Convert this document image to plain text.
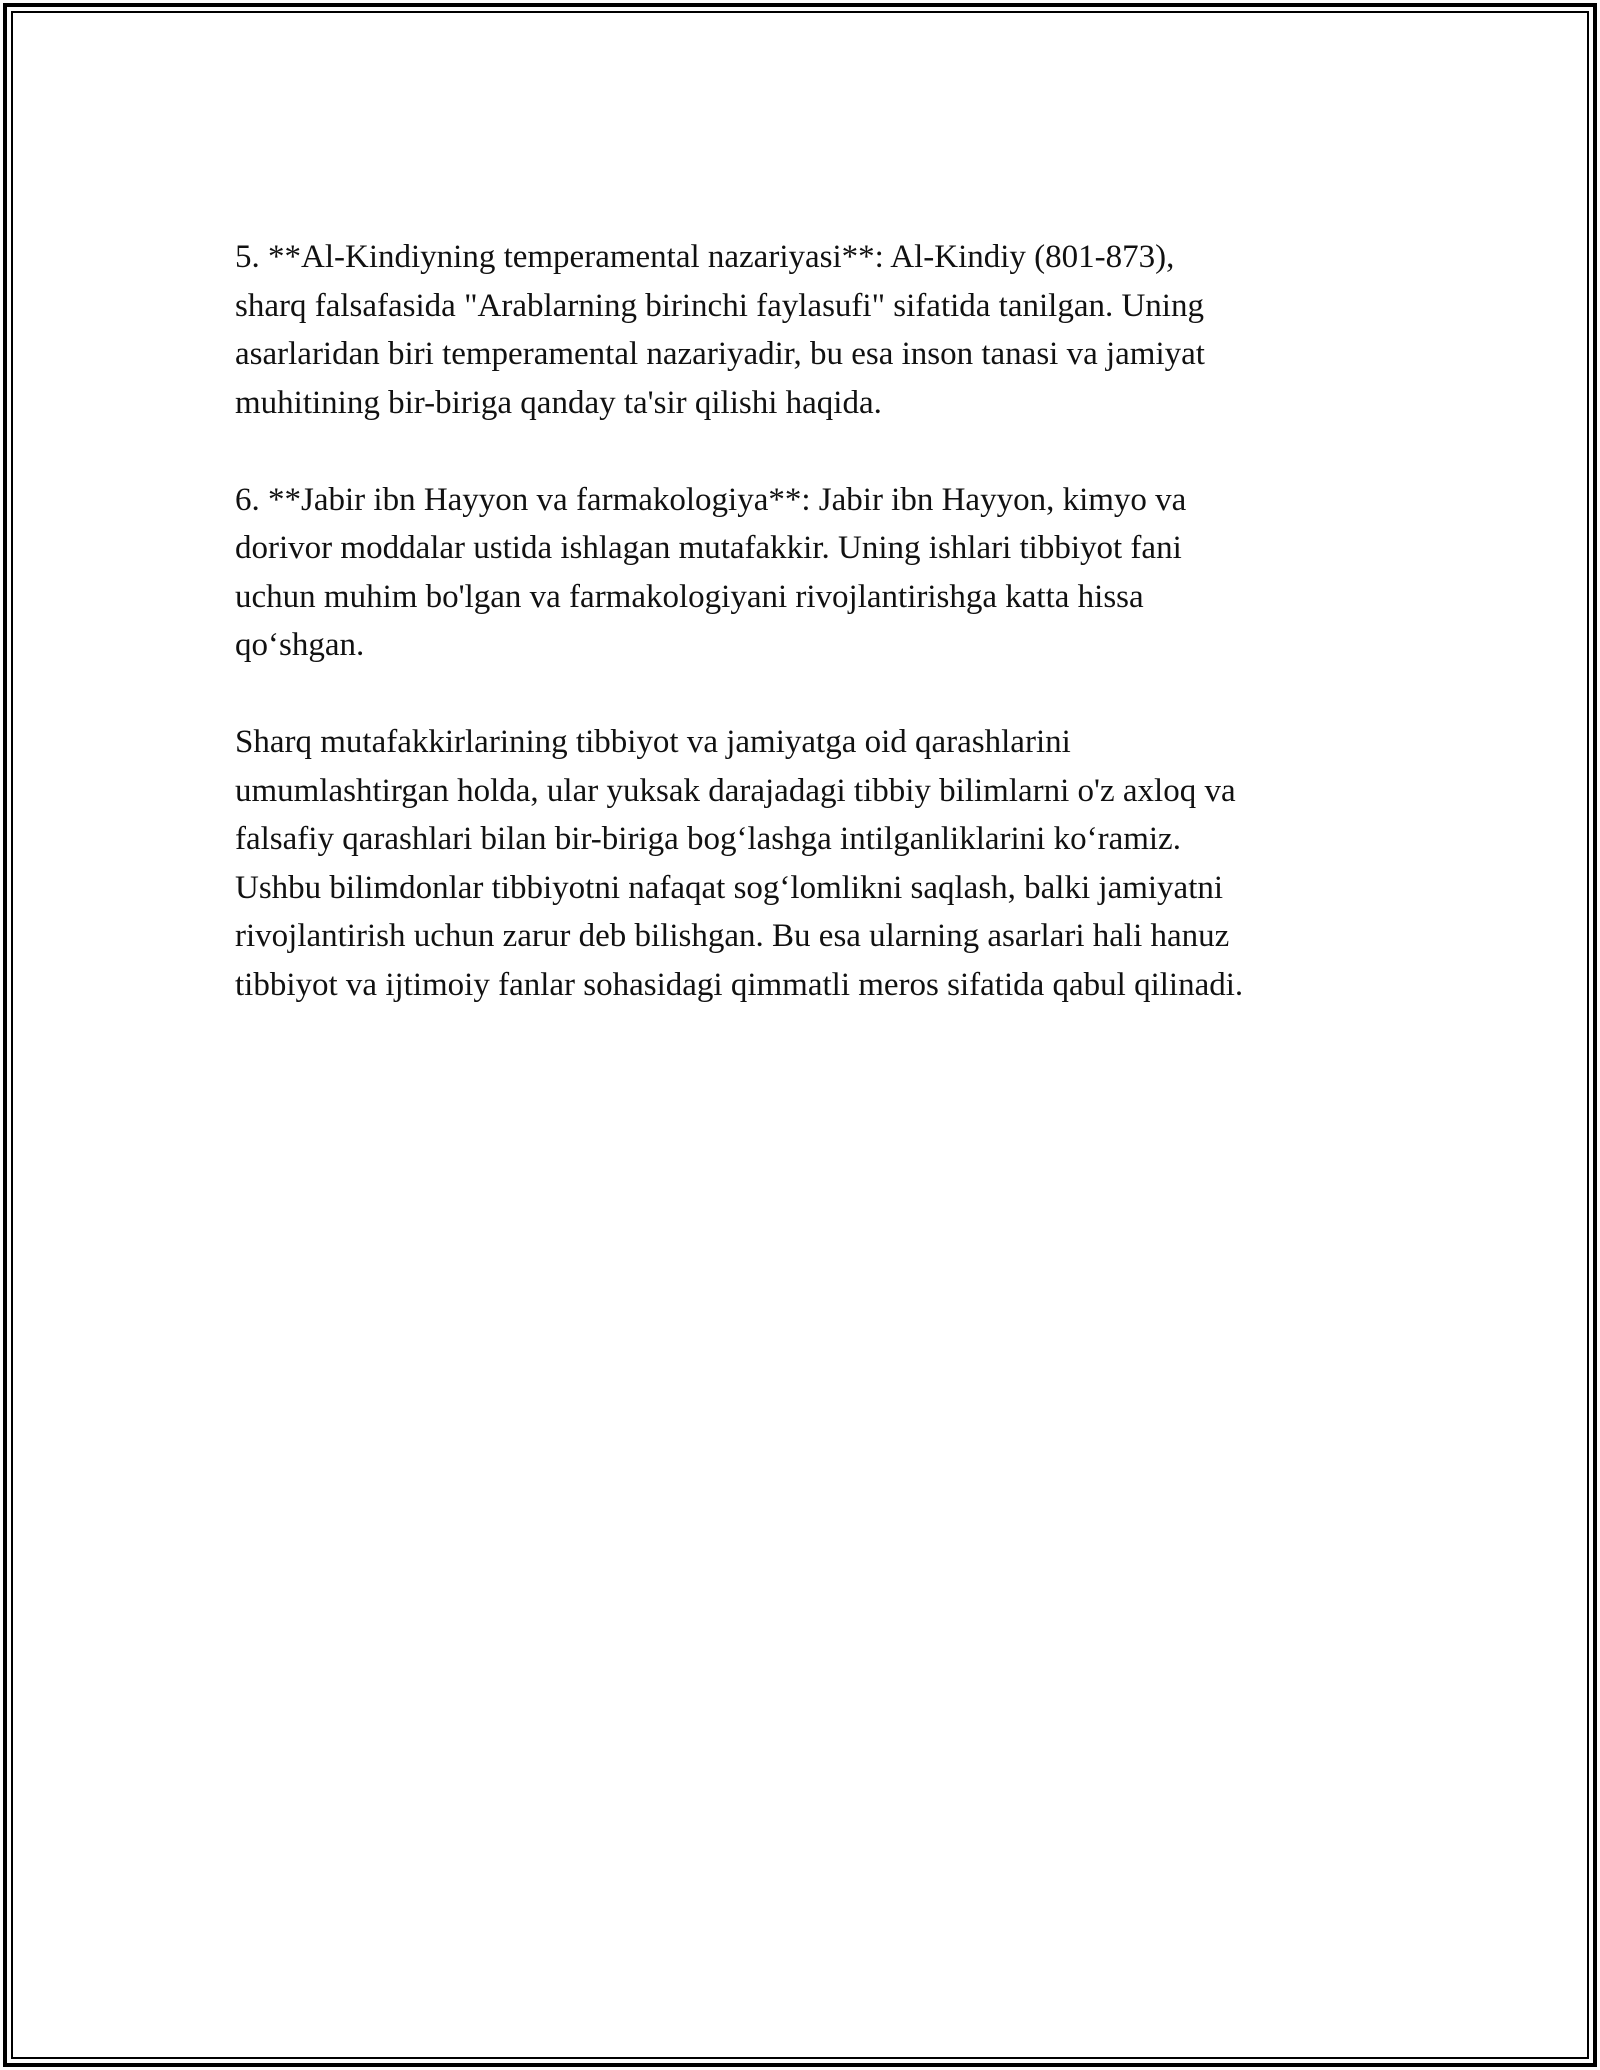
5. **Al-Kindiyning temperamental nazariyasi**: Al-Kindiy (801-873),
sharq falsafasida "Arablarning birinchi faylasufi" sifatida tanilgan. Uning
asarlaridan biri temperamental nazariyadir, bu esa inson tanasi va jamiyat
muhitining bir-biriga qanday ta'sir qilishi haqida.

6. **Jabir ibn Hayyon va farmakologiya**: Jabir ibn Hayyon, kimyo va
dorivor moddalar ustida ishlagan mutafakkir. Uning ishlari tibbiyot fani
uchun muhim bo'lgan va farmakologiyani rivojlantirishga katta hissa
qo‘shgan.

Sharq mutafakkirlarining tibbiyot va jamiyatga oid qarashlarini
umumlashtirgan holda, ular yuksak darajadagi tibbiy bilimlarni o'z axloq va
falsafiy qarashlari bilan bir-biriga bog‘lashga intilganliklarini ko‘ramiz.
Ushbu bilimdonlar tibbiyotni nafaqat sog‘lomlikni saqlash, balki jamiyatni
rivojlantirish uchun zarur deb bilishgan. Bu esa ularning asarlari hali hanuz
tibbiyot va ijtimoiy fanlar sohasidagi qimmatli meros sifatida qabul qilinadi.
